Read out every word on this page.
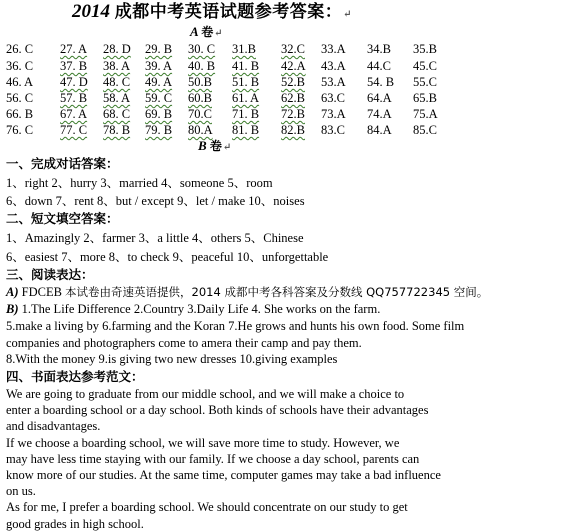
2014 成都中考英语试题参考答案：↵
A 卷↵
26. C 27. A 28. D 29. B 30. C 31.B 32.C 33.A 34.B 35.B
36. C 37. B 38. A 39. A 40. B 41. B 42.A 43.A 44.C 45.C
46. A 47. D 48. C 49. A 50.B 51. B 52.B 53.A 54. B 55.C
56. C 57. B 58. A 59. C 60.B 61. A 62.B 63.C 64.A 65.B
66. B 67. A 68. C 69. B 70.C 71. B 72.B 73.A 74.A 75.A
76. C 77. C 78. B 79. B 80.A 81. B 82.B 83.C 84.A 85.C
B 卷↵
一、完成对话答案：
1、right 2、hurry 3、married 4、someone 5、room
6、down 7、rent 8、but / except 9、let / make 10、noises
二、短文填空答案：
1、Amazingly 2、farmer 3、a little 4、others 5、Chinese
6、easiest 7、more 8、to check 9、peaceful 10、unforgettable
三、阅读表达：
A) FDCEB 本试卷由奇速英语提供，2014 成都中考各科答案及分数线 QQ757722345 空间。
B) 1.The Life Difference 2.Country 3.Daily Life 4. She works on the farm.
5.make a living by 6.farming and the Koran 7.He grows and hunts his own food. Some film
companies and photographers come to amera their camp and pay them.
8.With the money 9.is giving two new dresses 10.giving examples
四、书面表达参考范文：
We are going to graduate from our middle school, and we will make a choice to
enter a boarding school or a day school. Both kinds of schools have their advantages
and disadvantages.
If we choose a boarding school, we will save more time to study. However, we
may have less time staying with our family. If we choose a day school, parents can
know more of our studies. At the same time, computer games may take a bad influence
on us.
As for me, I prefer a boarding school. We should concentrate on our study to get
good grades in high school.
